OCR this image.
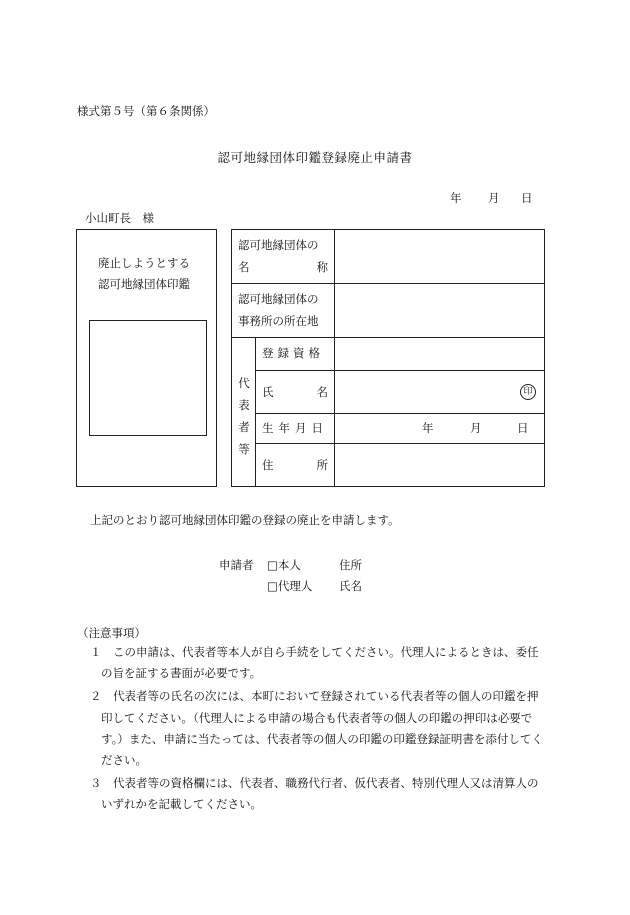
様式第５号（第６条関係）
認可地縁団体印鑑登録廃止申請書
年 月 日
小山町長　様
廃止しようとする
認可地縁団体印鑑
認可地縁団体の
名	称
認可地縁団体の
事務所の所在地
代
表
者
等
登録資格
氏	名	印
生年月日	年	月	日
住	所
上記のとおり認可地縁団体印鑑の登録の廃止を申請します。
申請者 □本人	住所
□代理人 氏名
（注意事項）
１　この申請は、代表者等本人が自ら手続をしてください。代理人によるときは、委任
の旨を証する書面が必要です。
２　代表者等の氏名の次には、本町において登録されている代表者等の個人の印鑑を押
印してください。（代理人による申請の場合も代表者等の個人の印鑑の押印は必要で
す。）また、申請に当たっては、代表者等の個人の印鑑の印鑑登録証明書を添付してく
ださい。
３　代表者等の資格欄には、代表者、職務代行者、仮代表者、特別代理人又は清算人の
いずれかを記載してください。
